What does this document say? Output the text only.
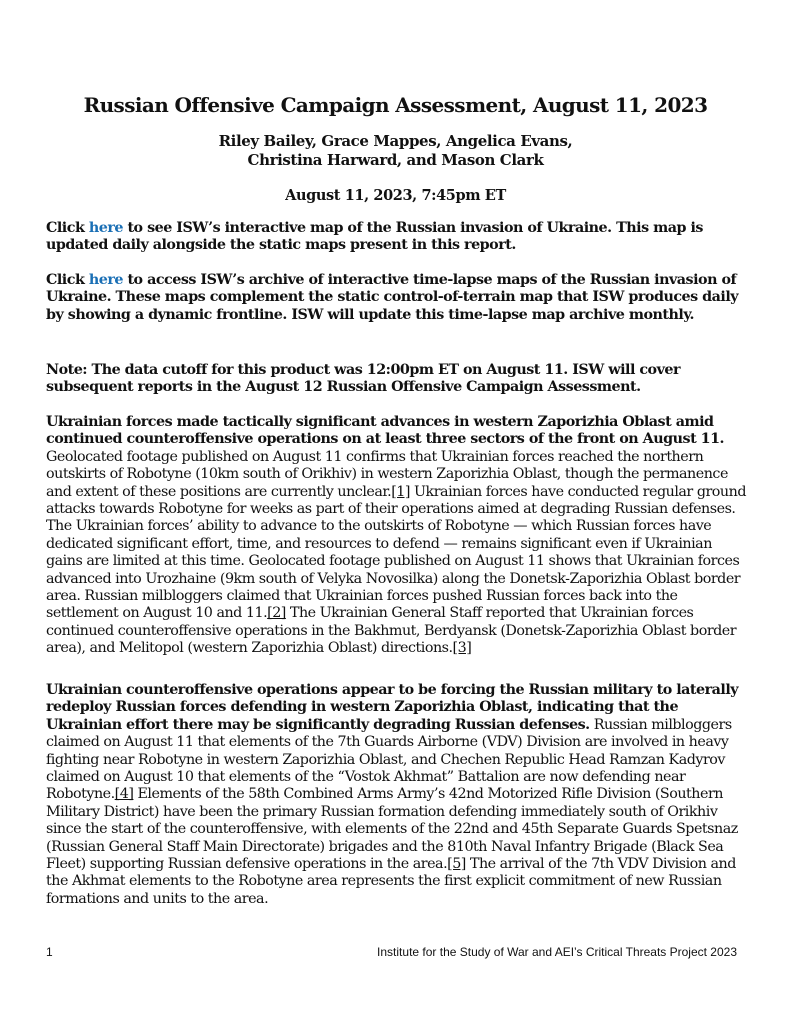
Russian Offensive Campaign Assessment, August 11, 2023

Riley Bailey, Grace Mappes, Angelica Evans,
Christina Harward, and Mason Clark

August 11, 2023, 7:45pm ET

Click here to see ISW’s interactive map of the Russian invasion of Ukraine. This map is updated daily alongside the static maps present in this report.

Click here to access ISW’s archive of interactive time-lapse maps of the Russian invasion of Ukraine. These maps complement the static control-of-terrain map that ISW produces daily by showing a dynamic frontline. ISW will update this time-lapse map archive monthly.

Note: The data cutoff for this product was 12:00pm ET on August 11. ISW will cover subsequent reports in the August 12 Russian Offensive Campaign Assessment.

Ukrainian forces made tactically significant advances in western Zaporizhia Oblast amid continued counteroffensive operations on at least three sectors of the front on August 11. Geolocated footage published on August 11 confirms that Ukrainian forces reached the northern outskirts of Robotyne (10km south of Orikhiv) in western Zaporizhia Oblast, though the permanence and extent of these positions are currently unclear.[1] Ukrainian forces have conducted regular ground attacks towards Robotyne for weeks as part of their operations aimed at degrading Russian defenses. The Ukrainian forces’ ability to advance to the outskirts of Robotyne — which Russian forces have dedicated significant effort, time, and resources to defend — remains significant even if Ukrainian gains are limited at this time. Geolocated footage published on August 11 shows that Ukrainian forces advanced into Urozhaine (9km south of Velyka Novosilka) along the Donetsk-Zaporizhia Oblast border area. Russian milbloggers claimed that Ukrainian forces pushed Russian forces back into the settlement on August 10 and 11.[2] The Ukrainian General Staff reported that Ukrainian forces continued counteroffensive operations in the Bakhmut, Berdyansk (Donetsk-Zaporizhia Oblast border area), and Melitopol (western Zaporizhia Oblast) directions.[3]

Ukrainian counteroffensive operations appear to be forcing the Russian military to laterally redeploy Russian forces defending in western Zaporizhia Oblast, indicating that the Ukrainian effort there may be significantly degrading Russian defenses. Russian milbloggers claimed on August 11 that elements of the 7th Guards Airborne (VDV) Division are involved in heavy fighting near Robotyne in western Zaporizhia Oblast, and Chechen Republic Head Ramzan Kadyrov claimed on August 10 that elements of the “Vostok Akhmat” Battalion are now defending near Robotyne.[4] Elements of the 58th Combined Arms Army’s 42nd Motorized Rifle Division (Southern Military District) have been the primary Russian formation defending immediately south of Orikhiv since the start of the counteroffensive, with elements of the 22nd and 45th Separate Guards Spetsnaz (Russian General Staff Main Directorate) brigades and the 810th Naval Infantry Brigade (Black Sea Fleet) supporting Russian defensive operations in the area.[5] The arrival of the 7th VDV Division and the Akhmat elements to the Robotyne area represents the first explicit commitment of new Russian formations and units to the area.

1	Institute for the Study of War and AEI’s Critical Threats Project 2023
